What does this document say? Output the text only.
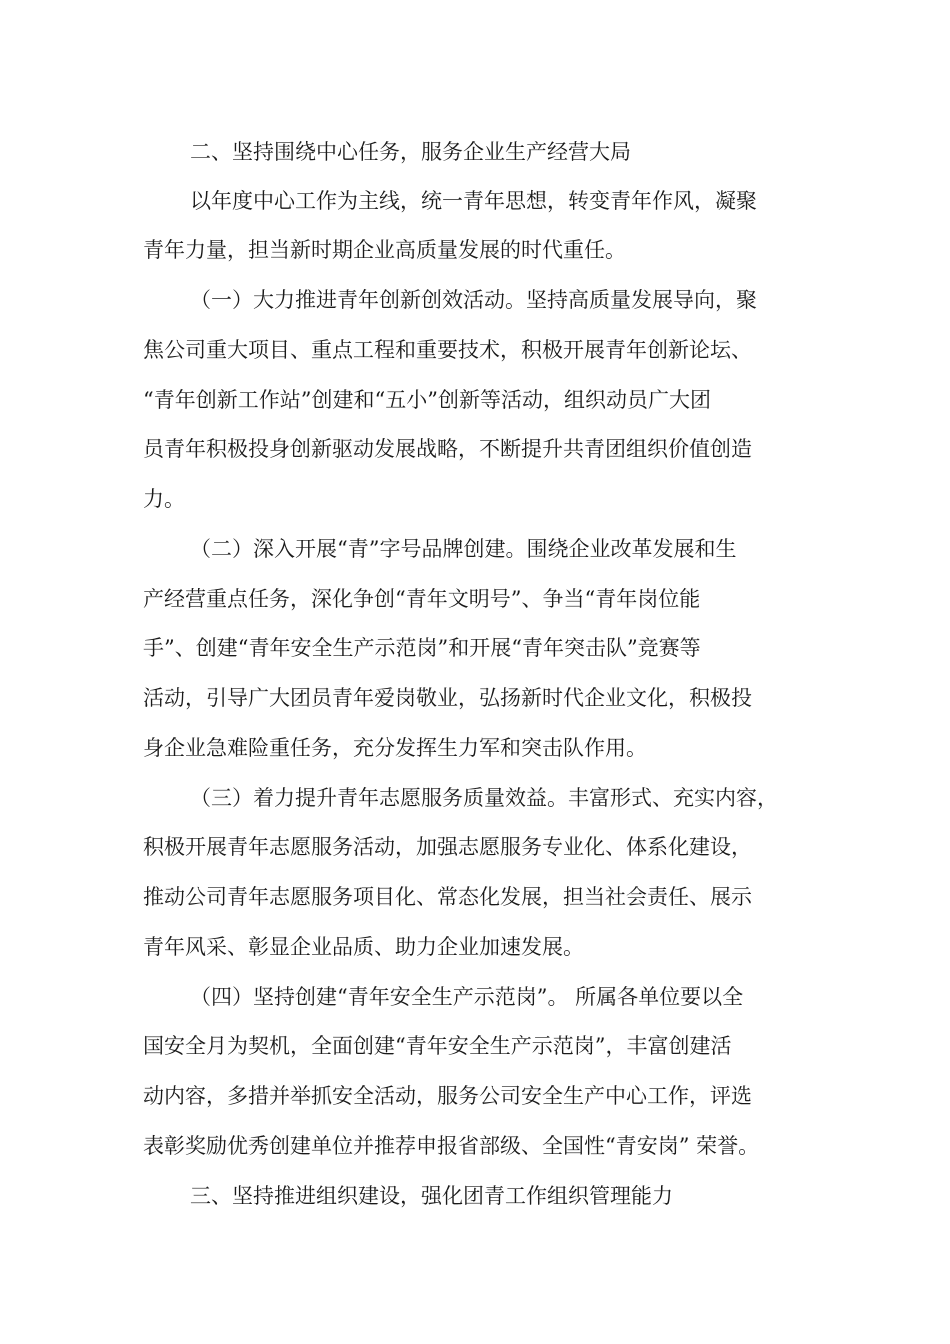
二、坚持围绕中心任务，服务企业生产经营大局
以年度中心工作为主线，统一青年思想，转变青年作风，凝聚
青年力量，担当新时期企业高质量发展的时代重任。
（一）大力推进青年创新创效活动。坚持高质量发展导向，聚
焦公司重大项目、重点工程和重要技术，积极开展青年创新论坛、
“青年创新工作站”创建和“五小”创新等活动，组织动员广大团
员青年积极投身创新驱动发展战略，不断提升共青团组织价值创造
力。
（二）深入开展“青”字号品牌创建。围绕企业改革发展和生
产经营重点任务，深化争创“青年文明号”、争当“青年岗位能
手”、创建“青年安全生产示范岗”和开展“青年突击队”竞赛等
活动，引导广大团员青年爱岗敬业，弘扬新时代企业文化，积极投
身企业急难险重任务，充分发挥生力军和突击队作用。
（三）着力提升青年志愿服务质量效益。丰富形式、充实内容，
积极开展青年志愿服务活动，加强志愿服务专业化、体系化建设，
推动公司青年志愿服务项目化、常态化发展，担当社会责任、展示
青年风采、彰显企业品质、助力企业加速发展。
（四）坚持创建“青年安全生产示范岗”。 所属各单位要以全
国安全月为契机，全面创建“青年安全生产示范岗”，丰富创建活
动内容，多措并举抓安全活动，服务公司安全生产中心工作，评选
表彰奖励优秀创建单位并推荐申报省部级、全国性“青安岗” 荣誉。
三、坚持推进组织建设，强化团青工作组织管理能力
